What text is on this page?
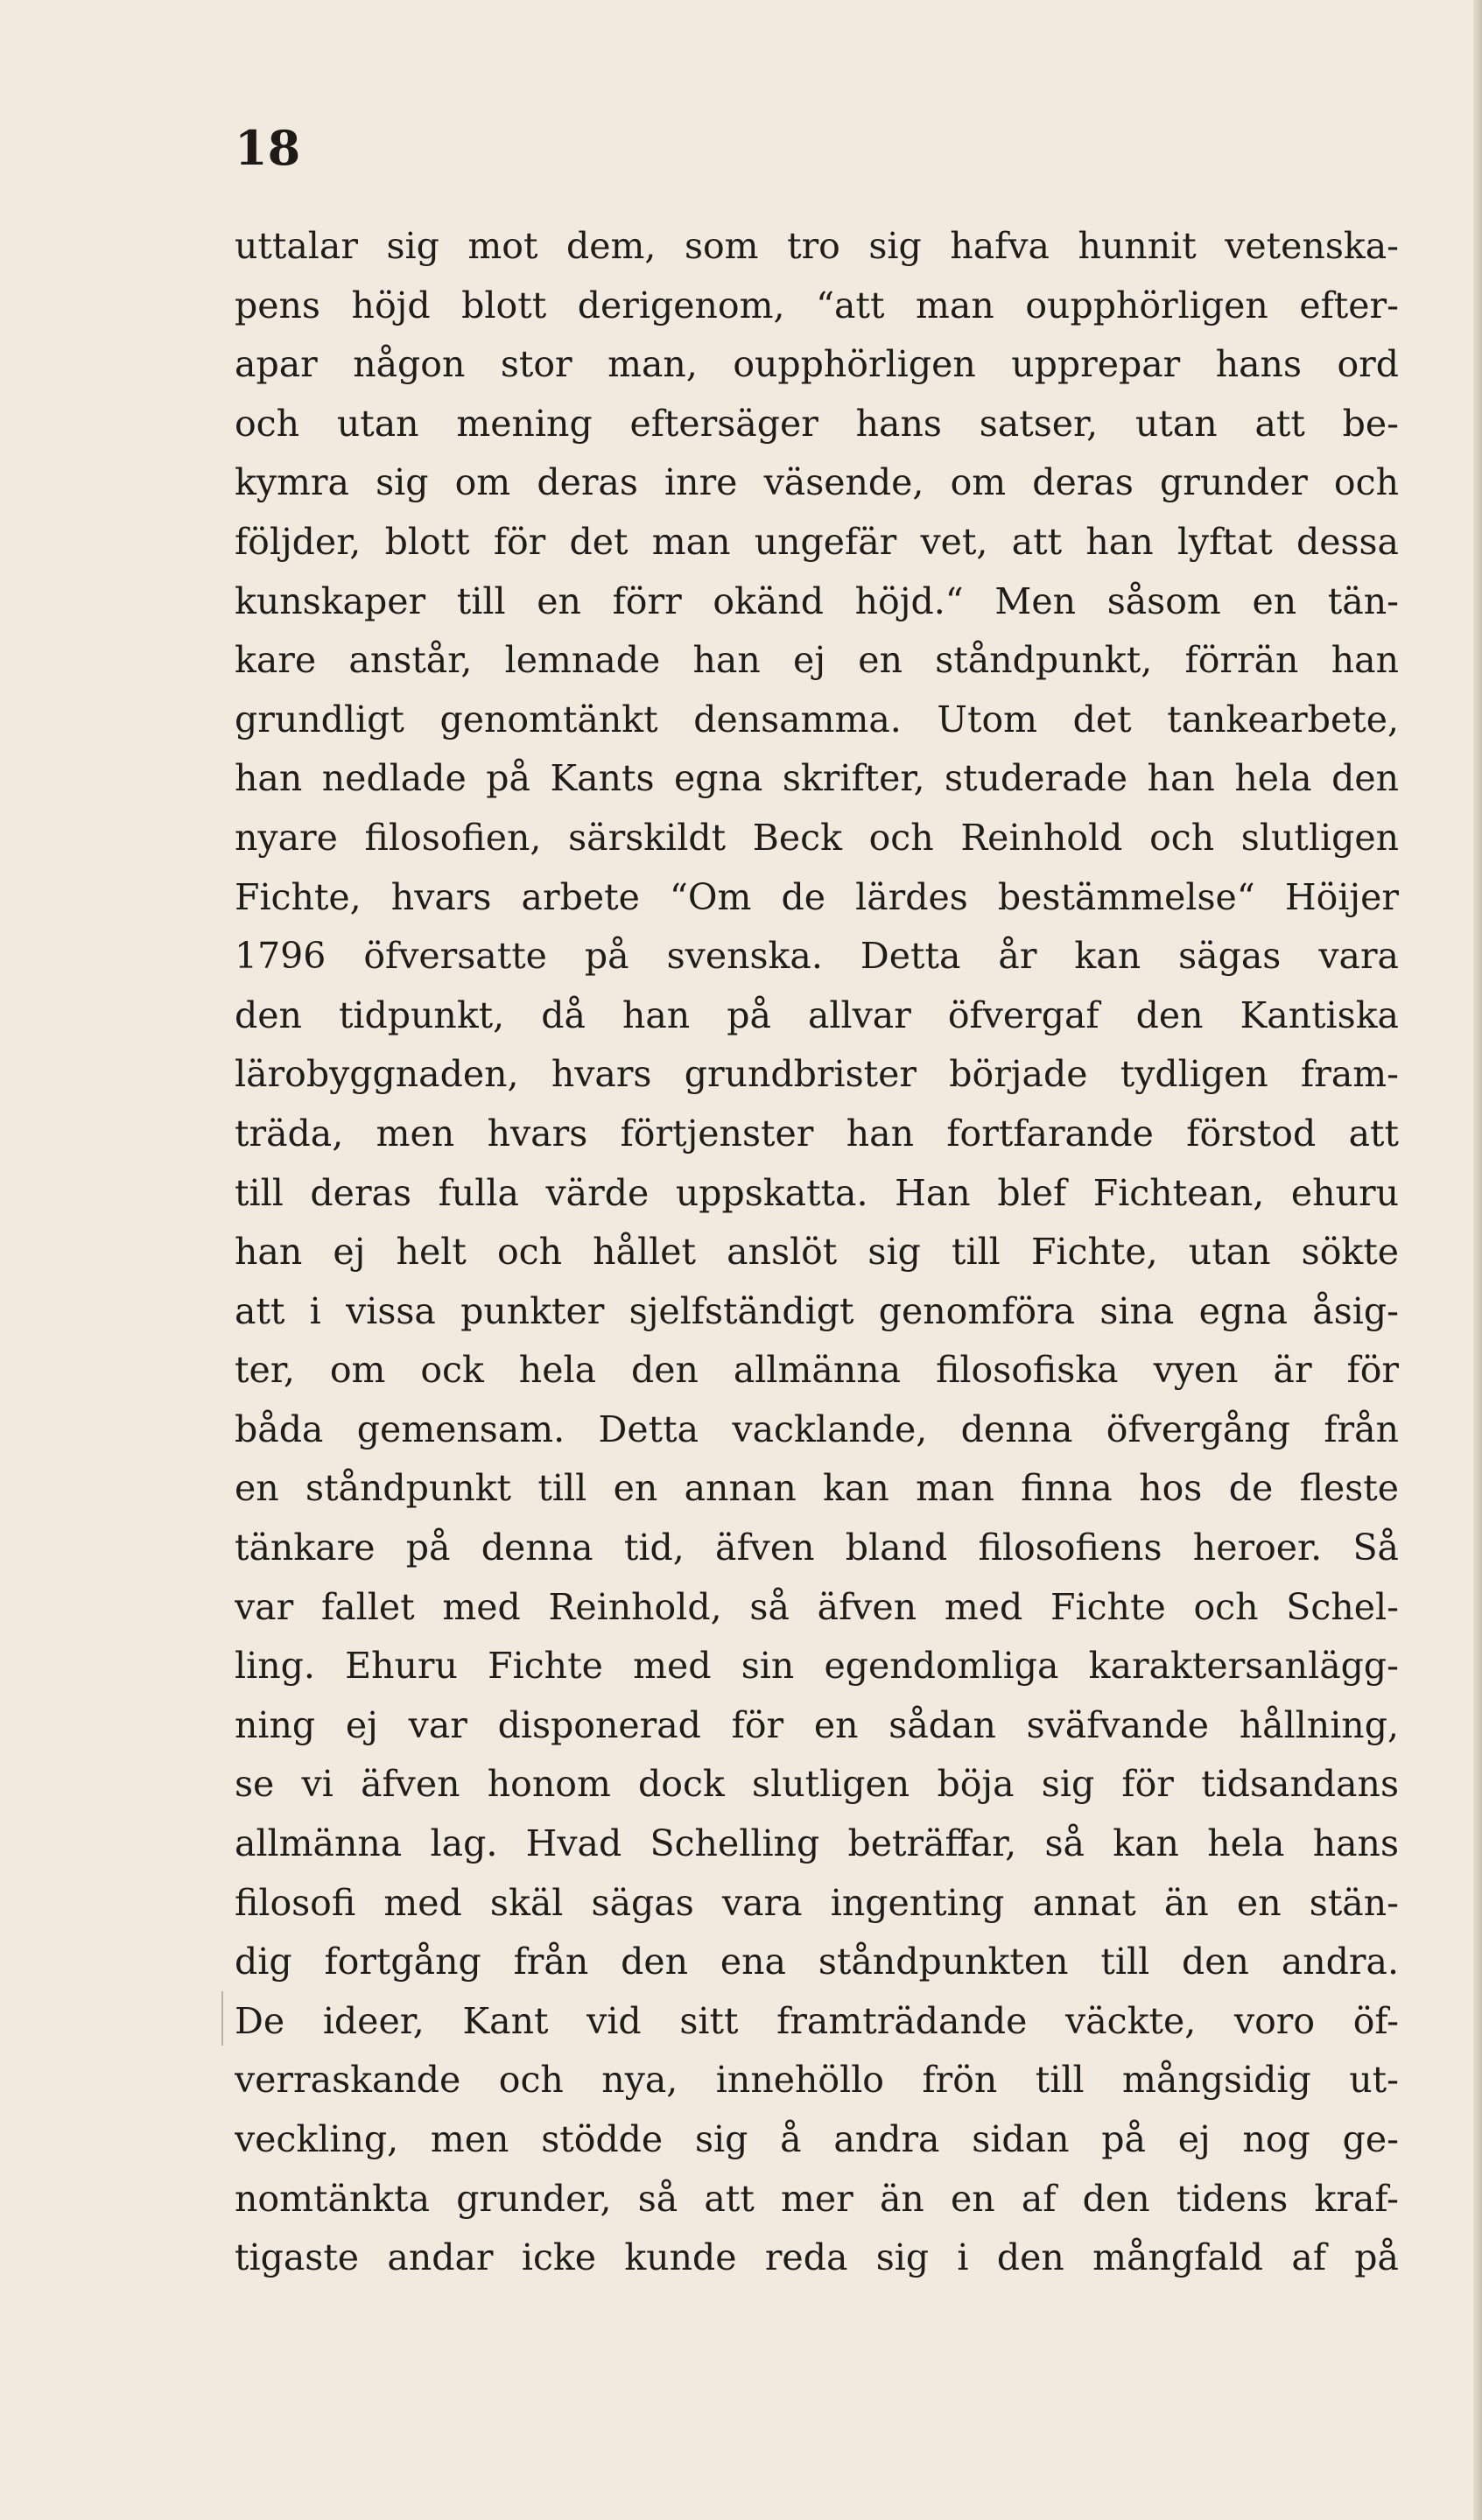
18
uttalar sig mot dem, som tro sig hafva hunnit vetenska-
pens höjd blott derigenom, “att man oupphörligen efter-
apar någon stor man, oupphörligen upprepar hans ord
och utan mening eftersäger hans satser, utan att be-
kymra sig om deras inre väsende, om deras grunder och
följder, blott för det man ungefär vet, att han lyftat dessa
kunskaper till en förr okänd höjd.“ Men såsom en tän-
kare anstår, lemnade han ej en ståndpunkt, förrän han
grundligt genomtänkt densamma. Utom det tankearbete,
han nedlade på Kants egna skrifter, studerade han hela den
nyare filosofien, särskildt Beck och Reinhold och slutligen
Fichte, hvars arbete “Om de lärdes bestämmelse“ Höijer
1796 öfversatte på svenska. Detta år kan sägas vara
den tidpunkt, då han på allvar öfvergaf den Kantiska
lärobyggnaden, hvars grundbrister började tydligen fram-
träda, men hvars förtjenster han fortfarande förstod att
till deras fulla värde uppskatta. Han blef Fichtean, ehuru
han ej helt och hållet anslöt sig till Fichte, utan sökte
att i vissa punkter sjelfständigt genomföra sina egna åsig-
ter, om ock hela den allmänna filosofiska vyen är för
båda gemensam. Detta vacklande, denna öfvergång från
en ståndpunkt till en annan kan man finna hos de fleste
tänkare på denna tid, äfven bland filosofiens heroer. Så
var fallet med Reinhold, så äfven med Fichte och Schel-
ling. Ehuru Fichte med sin egendomliga karaktersanlägg-
ning ej var disponerad för en sådan sväfvande hållning,
se vi äfven honom dock slutligen böja sig för tidsandans
allmänna lag. Hvad Schelling beträffar, så kan hela hans
filosofi med skäl sägas vara ingenting annat än en stän-
dig fortgång från den ena ståndpunkten till den andra.
De ideer, Kant vid sitt framträdande väckte, voro öf-
verraskande och nya, innehöllo frön till mångsidig ut-
veckling, men stödde sig å andra sidan på ej nog ge-
nomtänkta grunder, så att mer än en af den tidens kraf-
tigaste andar icke kunde reda sig i den mångfald af på
